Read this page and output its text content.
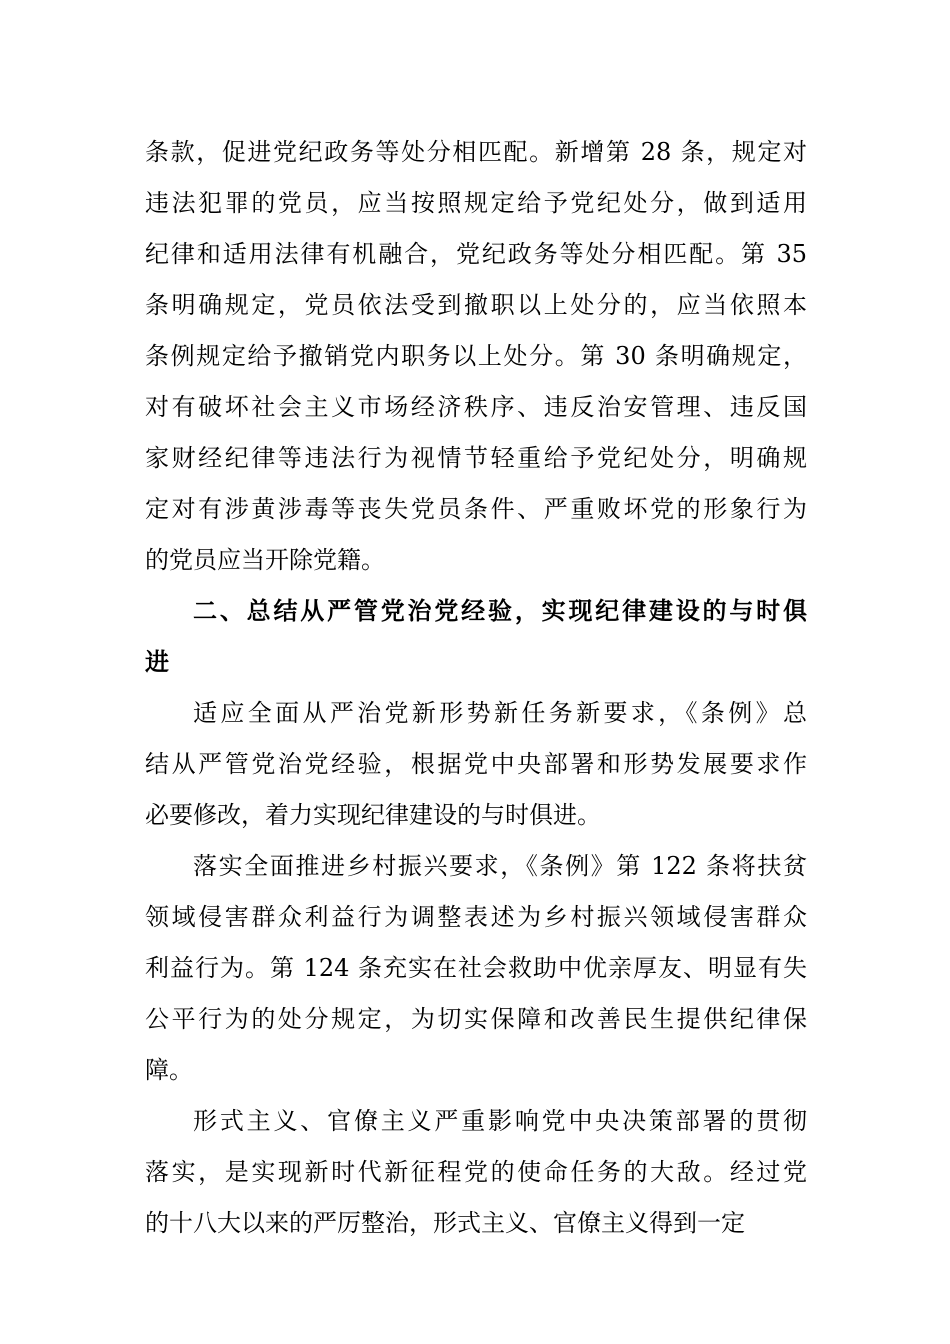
条款，促进党纪政务等处分相匹配。新增第 28 条，规定对
违法犯罪的党员，应当按照规定给予党纪处分，做到适用
纪律和适用法律有机融合，党纪政务等处分相匹配。第 35
条明确规定，党员依法受到撤职以上处分的，应当依照本
条例规定给予撤销党内职务以上处分。第 30 条明确规定，
对有破坏社会主义市场经济秩序、违反治安管理、违反国
家财经纪律等违法行为视情节轻重给予党纪处分，明确规
定对有涉黄涉毒等丧失党员条件、严重败坏党的形象行为
的党员应当开除党籍。
二、总结从严管党治党经验，实现纪律建设的与时俱
进
适应全面从严治党新形势新任务新要求，《条例》总
结从严管党治党经验，根据党中央部署和形势发展要求作
必要修改，着力实现纪律建设的与时俱进。
落实全面推进乡村振兴要求，《条例》第 122 条将扶贫
领域侵害群众利益行为调整表述为乡村振兴领域侵害群众
利益行为。第 124 条充实在社会救助中优亲厚友、明显有失
公平行为的处分规定，为切实保障和改善民生提供纪律保
障。
形式主义、官僚主义严重影响党中央决策部署的贯彻
落实，是实现新时代新征程党的使命任务的大敌。经过党
的十八大以来的严厉整治，形式主义、官僚主义得到一定
